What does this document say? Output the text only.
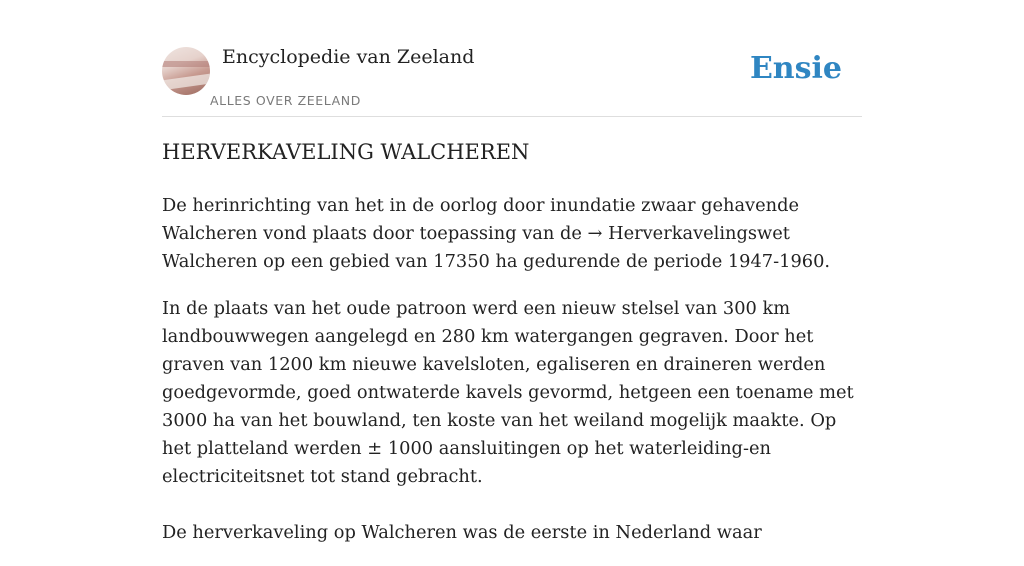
Encyclopedie van Zeeland
ALLES OVER ZEELAND
Ensie
HERVERKAVELING WALCHEREN

De herinrichting van het in de oorlog door inundatie zwaar gehavende Walcheren vond plaats door toepassing van de → Herverkavelingswet Walcheren op een gebied van 17350 ha gedurende de periode 1947-1960.

In de plaats van het oude patroon werd een nieuw stelsel van 300 km landbouwwegen aangelegd en 280 km watergangen gegraven. Door het graven van 1200 km nieuwe kavelsloten, egaliseren en draineren werden goedgevormde, goed ontwaterde kavels gevormd, hetgeen een toename met 3000 ha van het bouwland, ten koste van het weiland mogelijk maakte. Op het platteland werden ± 1000 aansluitingen op het waterleiding-en electriciteitsnet tot stand gebracht.

De herverkaveling op Walcheren was de eerste in Nederland waar
